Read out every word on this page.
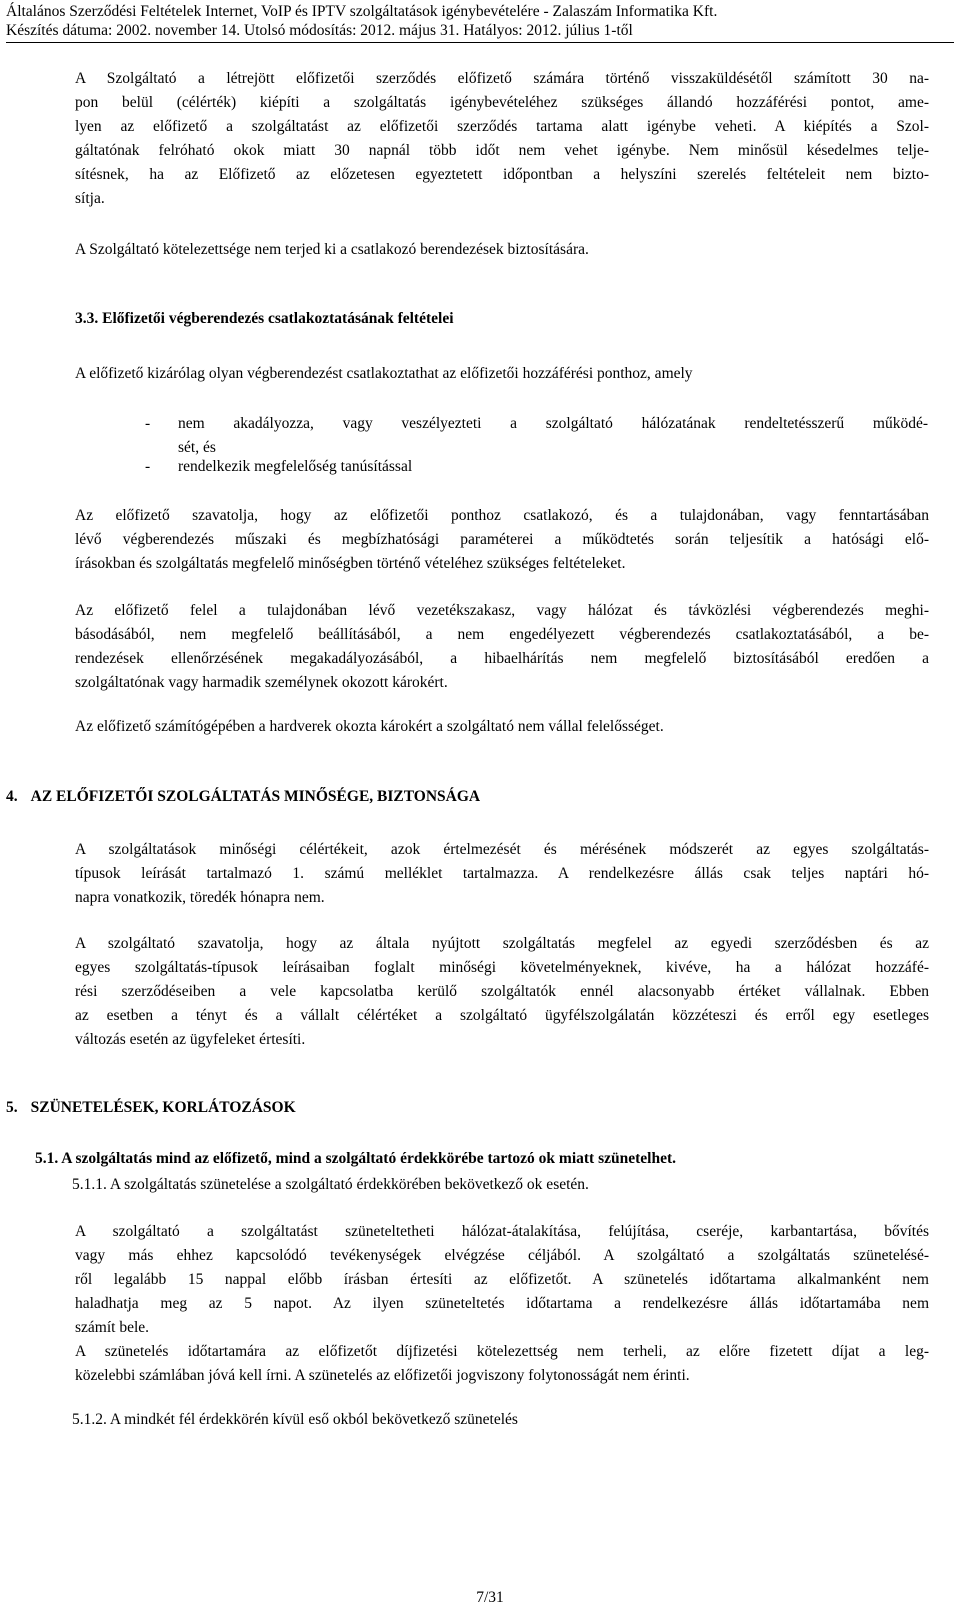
Általános Szerződési Feltételek Internet, VoIP és IPTV szolgáltatások igénybevételére - Zalaszám Informatika Kft.
Készítés dátuma: 2002. november 14. Utolsó módosítás: 2012. május 31. Hatályos: 2012. július 1-től
A Szolgáltató a létrejött előfizetői szerződés előfizető számára történő visszaküldésétől számított 30 na-
pon belül (célérték) kiépíti a szolgáltatás igénybevételéhez szükséges állandó hozzáférési pontot, ame-
lyen az előfizető a szolgáltatást az előfizetői szerződés tartama alatt igénybe veheti. A kiépítés a Szol-
gáltatónak felróható okok miatt 30 napnál több időt nem vehet igénybe. Nem minősül késedelmes telje-
sítésnek, ha az Előfizető az előzetesen egyeztetett időpontban a helyszíni szerelés feltételeit nem bizto-
sítja.
A Szolgáltató kötelezettsége nem terjed ki a csatlakozó berendezések biztosítására.
3.3. Előfizetői végberendezés csatlakoztatásának feltételei
A előfizető kizárólag olyan végberendezést csatlakoztathat az előfizetői hozzáférési ponthoz, amely
- nem akadályozza, vagy veszélyezteti a szolgáltató hálózatának rendeltetésszerű működé-
sét, és
- rendelkezik megfelelőség tanúsítással
Az előfizető szavatolja, hogy az előfizetői ponthoz csatlakozó, és a tulajdonában, vagy fenntartásában
lévő végberendezés műszaki és megbízhatósági paraméterei a működtetés során teljesítik a hatósági elő-
írásokban és szolgáltatás megfelelő minőségben történő vételéhez szükséges feltételeket.
Az előfizető felel a tulajdonában lévő vezetékszakasz, vagy hálózat és távközlési végberendezés meghi-
básodásából, nem megfelelő beállításából, a nem engedélyezett végberendezés csatlakoztatásából, a be-
rendezések ellenőrzésének megakadályozásából, a hibaelhárítás nem megfelelő biztosításából eredően a
szolgáltatónak vagy harmadik személynek okozott károkért.
Az előfizető számítógépében a hardverek okozta károkért a szolgáltató nem vállal felelősséget.
4. AZ ELŐFIZETŐI SZOLGÁLTATÁS MINŐSÉGE, BIZTONSÁGA
A szolgáltatások minőségi célértékeit, azok értelmezését és mérésének módszerét az egyes szolgáltatás-
típusok leírását tartalmazó 1. számú melléklet tartalmazza. A rendelkezésre állás csak teljes naptári hó-
napra vonatkozik, töredék hónapra nem.
A szolgáltató szavatolja, hogy az általa nyújtott szolgáltatás megfelel az egyedi szerződésben és az
egyes szolgáltatás-típusok leírásaiban foglalt minőségi követelményeknek, kivéve, ha a hálózat hozzáfé-
rési szerződéseiben a vele kapcsolatba kerülő szolgáltatók ennél alacsonyabb értéket vállalnak. Ebben
az esetben a tényt és a vállalt célértéket a szolgáltató ügyfélszolgálatán közzéteszi és erről egy esetleges
változás esetén az ügyfeleket értesíti.
5. SZÜNETELÉSEK, KORLÁTOZÁSOK
5.1. A szolgáltatás mind az előfizető, mind a szolgáltató érdekkörébe tartozó ok miatt szünetelhet.
5.1.1. A szolgáltatás szünetelése a szolgáltató érdekkörében bekövetkező ok esetén.
A szolgáltató a szolgáltatást szüneteltetheti hálózat-átalakítása, felújítása, cseréje, karbantartása, bővítés
vagy más ehhez kapcsolódó tevékenységek elvégzése céljából. A szolgáltató a szolgáltatás szünetelésé-
ről legalább 15 nappal előbb írásban értesíti az előfizetőt. A szünetelés időtartama alkalmanként nem
haladhatja meg az 5 napot. Az ilyen szüneteltetés időtartama a rendelkezésre állás időtartamába nem
számít bele.
A szünetelés időtartamára az előfizetőt díjfizetési kötelezettség nem terheli, az előre fizetett díjat a leg-
közelebbi számlában jóvá kell írni. A szünetelés az előfizetői jogviszony folytonosságát nem érinti.
5.1.2. A mindkét fél érdekkörén kívül eső okból bekövetkező szünetelés
7/31
